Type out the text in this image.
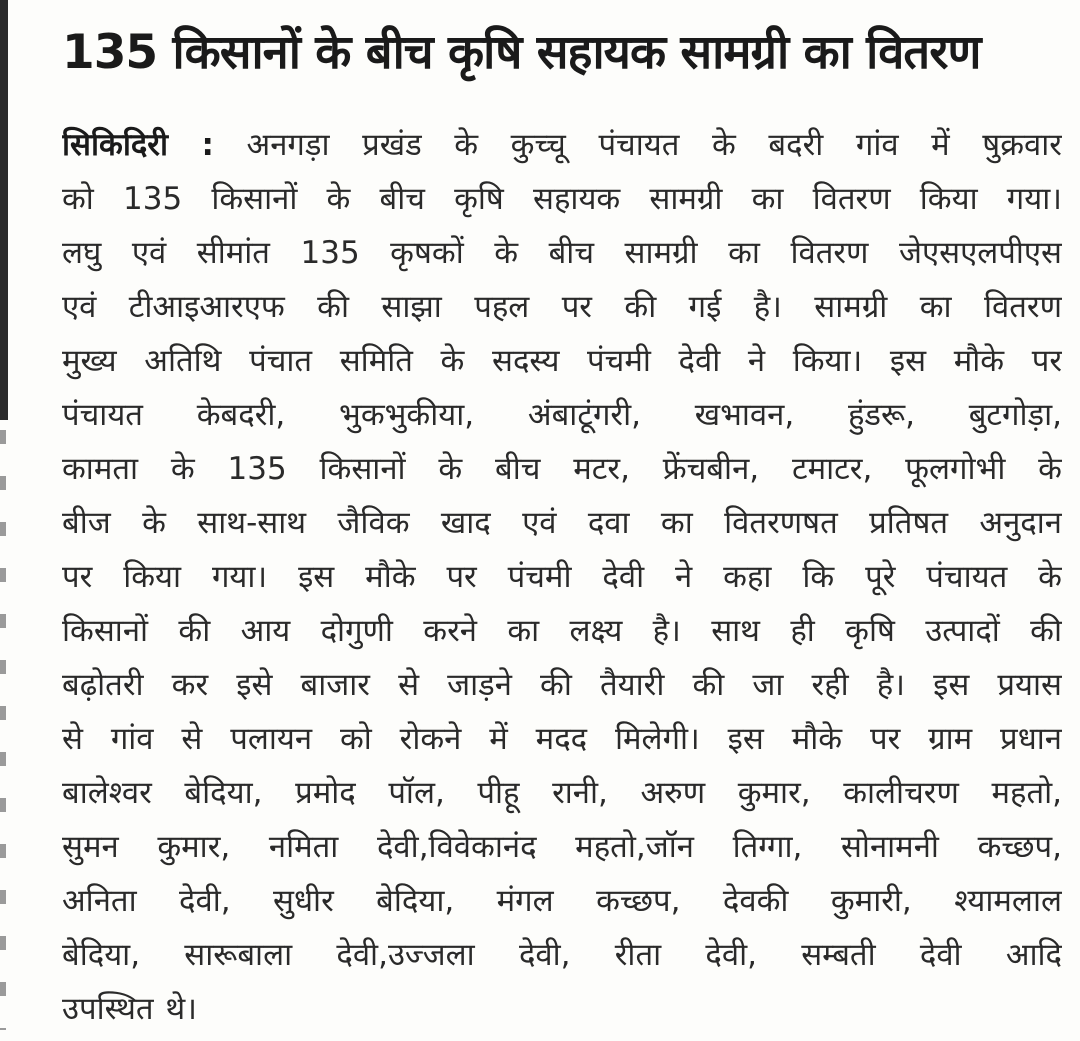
135 किसानों के बीच कृषि सहायक सामग्री का वितरण
सिकिदिरी : अनगड़ा प्रखंड के कुच्चू पंचायत के बदरी गांव में षुक्रवार
को 135 किसानों के बीच कृषि सहायक सामग्री का वितरण किया गया।
लघु एवं सीमांत 135 कृषकों के बीच सामग्री का वितरण जेएसएलपीएस
एवं टीआइआरएफ की साझा पहल पर की गई है। सामग्री का वितरण
मुख्य अतिथि पंचात समिति के सदस्य पंचमी देवी ने किया। इस मौके पर
पंचायत केबदरी, भुकभुकीया, अंबाटूंगरी, खभावन, हुंडरू, बुटगोड़ा,
कामता के 135 किसानों के बीच मटर, फ्रेंचबीन, टमाटर, फूलगोभी के
बीज के साथ-साथ जैविक खाद एवं दवा का वितरणषत प्रतिषत अनुदान
पर किया गया। इस मौके पर पंचमी देवी ने कहा कि पूरे पंचायत के
किसानों की आय दोगुणी करने का लक्ष्य है। साथ ही कृषि उत्पादों की
बढ़ोतरी कर इसे बाजार से जाड़ने की तैयारी की जा रही है। इस प्रयास
से गांव से पलायन को रोकने में मदद मिलेगी। इस मौके पर ग्राम प्रधान
बालेश्वर बेदिया, प्रमोद पॉल, पीहू रानी, अरुण कुमार, कालीचरण महतो,
सुमन कुमार, नमिता देवी,विवेकानंद महतो,जॉन तिग्गा, सोनामनी कच्छप,
अनिता देवी, सुधीर बेदिया, मंगल कच्छप, देवकी कुमारी, श्यामलाल
बेदिया, सारूबाला देवी,उज्जला देवी, रीता देवी, सम्बती देवी आदि
उपस्थित थे।
